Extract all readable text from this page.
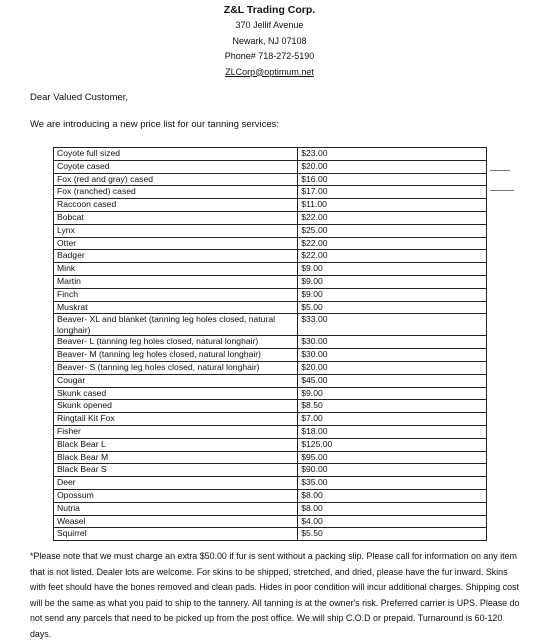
Z&L Trading Corp.
370 Jellif Avenue
Newark, NJ 07108
Phone# 718-272-5190
ZLCorp@optimum.net
Dear Valued Customer,
We are introducing a new price list for our tanning services:
Coyote full sized	$23.00
Coyote cased	$20.00
Fox (red and gray) cased	$16.00
Fox (ranched) cased	$17.00
Raccoon cased	$11.00
Bobcat	$22.00
Lynx	$25.00
Otter	$22.00
Badger	$22.00
Mink	$9.00
Martin	$9.00
Finch	$9.00
Muskrat	$5.00
Beaver- XL and blanket (tanning leg holes closed, natural longhair)	$33.00
Beaver- L (tanning leg holes closed, natural longhair)	$30.00
Beaver- M (tanning leg holes closed, natural longhair)	$30.00
Beaver- S (tanning leg holes closed, natural longhair)	$20.00
Cougar	$45.00
Skunk cased	$9.00
Skunk opened	$8.50
Ringtail Kit Fox	$7.00
Fisher	$18.00
Black Bear L	$125.00
Black Bear M	$95.00
Black Bear S	$90.00
Deer	$35.00
Opossum	$8.00
Nutria	$8.00
Weasel	$4.00
Squirrel	$5.50
*Please note that we must charge an extra $50.00 if fur is sent without a packing slip. Please call for information on any item that is not listed. Dealer lots are welcome. For skins to be shipped, stretched, and dried, please have the fur inward. Skins with feet should have the bones removed and clean pads. Hides in poor condition will incur additional charges. Shipping cost will be the same as what you paid to ship to the tannery. All tanning is at the owner's risk. Preferred carrier is UPS. Please do not send any parcels that need to be picked up from the post office. We will ship C.O.D or prepaid. Turnaround is 60-120 days.
